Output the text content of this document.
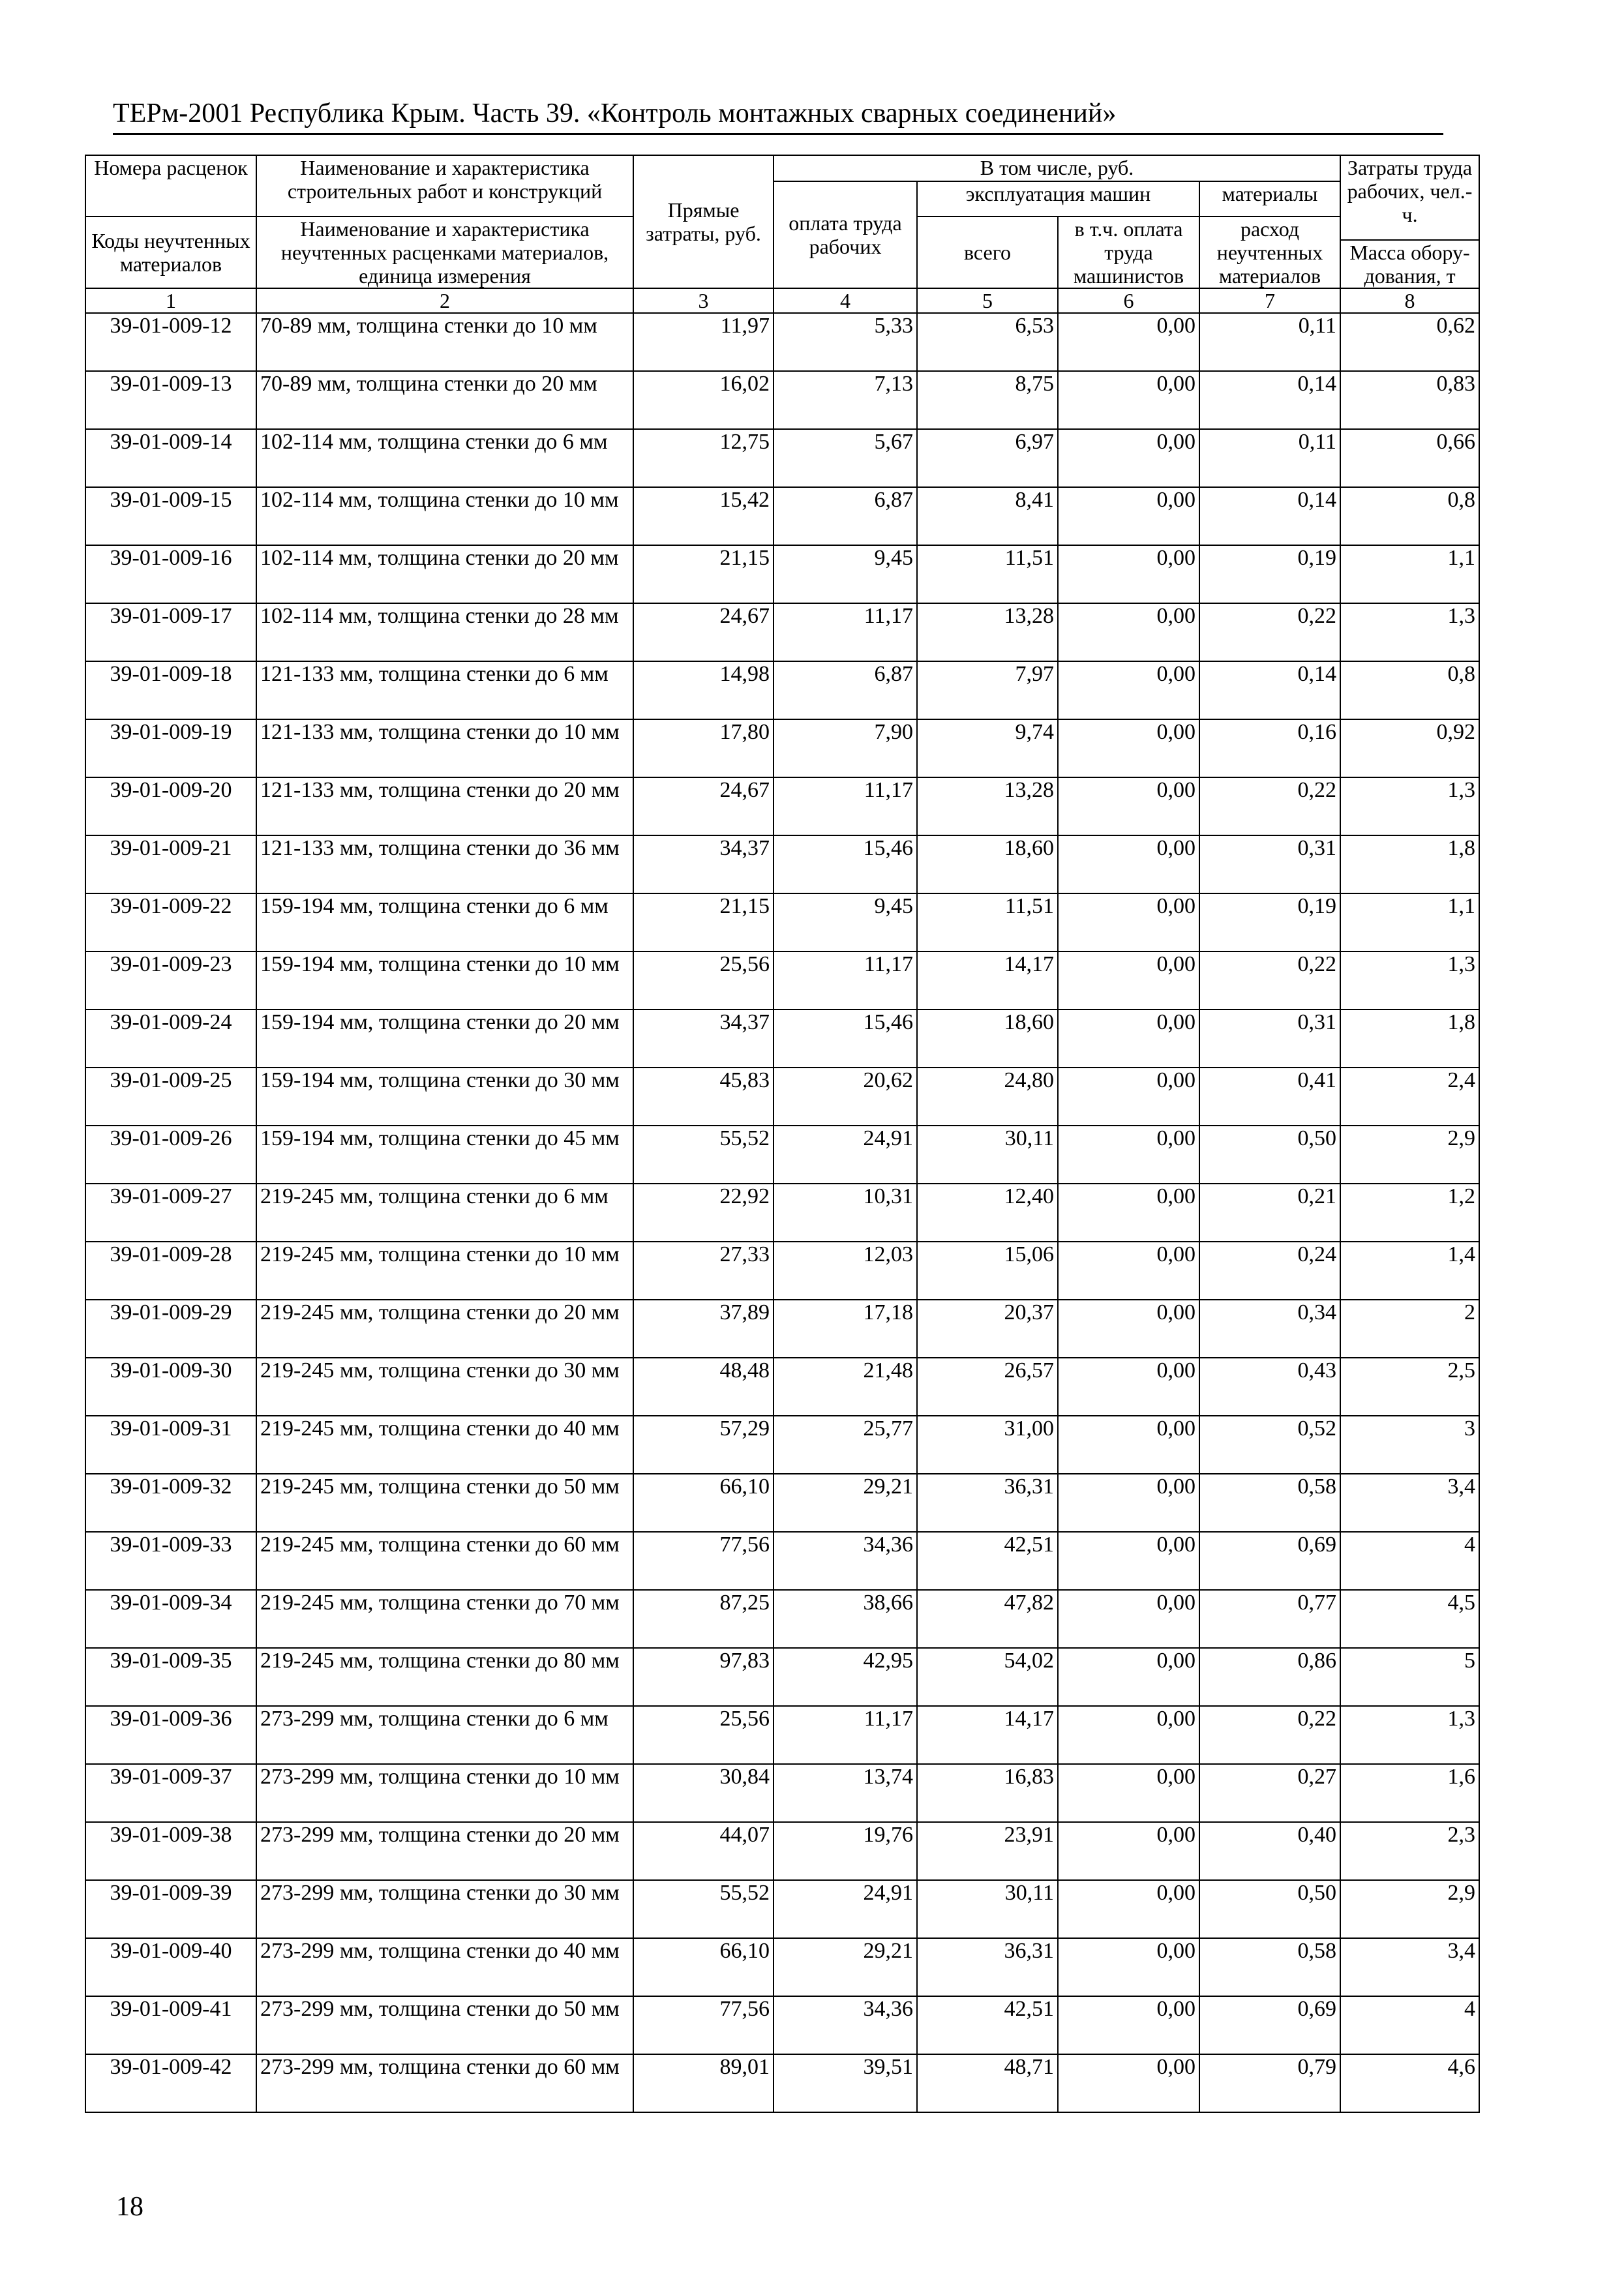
ТЕРм-2001 Республика Крым. Часть 39. «Контроль монтажных сварных соединений»
Номера расценок	Наименование и характеристика строительных работ и конструкций	Прямые затраты, руб.	В том числе, руб.				Затраты труда рабочих, чел.-ч.
			оплата труда рабочих	эксплуатация машин		материалы	
Коды неучтенных материалов	Наименование и характеристика неучтенных расценками материалов, единица измерения			всего	в т.ч. оплата труда машинистов	расход неучтенных материалов	
							Масса обору-дования, т
1	2	3	4	5	6	7	8
39-01-009-12	70-89 мм, толщина стенки до 10 мм	11,97	5,33	6,53	0,00	0,11	0,62
39-01-009-13	70-89 мм, толщина стенки до 20 мм	16,02	7,13	8,75	0,00	0,14	0,83
39-01-009-14	102-114 мм, толщина стенки до 6 мм	12,75	5,67	6,97	0,00	0,11	0,66
39-01-009-15	102-114 мм, толщина стенки до 10 мм	15,42	6,87	8,41	0,00	0,14	0,8
39-01-009-16	102-114 мм, толщина стенки до 20 мм	21,15	9,45	11,51	0,00	0,19	1,1
39-01-009-17	102-114 мм, толщина стенки до 28 мм	24,67	11,17	13,28	0,00	0,22	1,3
39-01-009-18	121-133 мм, толщина стенки до 6 мм	14,98	6,87	7,97	0,00	0,14	0,8
39-01-009-19	121-133 мм, толщина стенки до 10 мм	17,80	7,90	9,74	0,00	0,16	0,92
39-01-009-20	121-133 мм, толщина стенки до 20 мм	24,67	11,17	13,28	0,00	0,22	1,3
39-01-009-21	121-133 мм, толщина стенки до 36 мм	34,37	15,46	18,60	0,00	0,31	1,8
39-01-009-22	159-194 мм, толщина стенки до 6 мм	21,15	9,45	11,51	0,00	0,19	1,1
39-01-009-23	159-194 мм, толщина стенки до 10 мм	25,56	11,17	14,17	0,00	0,22	1,3
39-01-009-24	159-194 мм, толщина стенки до 20 мм	34,37	15,46	18,60	0,00	0,31	1,8
39-01-009-25	159-194 мм, толщина стенки до 30 мм	45,83	20,62	24,80	0,00	0,41	2,4
39-01-009-26	159-194 мм, толщина стенки до 45 мм	55,52	24,91	30,11	0,00	0,50	2,9
39-01-009-27	219-245 мм, толщина стенки до 6 мм	22,92	10,31	12,40	0,00	0,21	1,2
39-01-009-28	219-245 мм, толщина стенки до 10 мм	27,33	12,03	15,06	0,00	0,24	1,4
39-01-009-29	219-245 мм, толщина стенки до 20 мм	37,89	17,18	20,37	0,00	0,34	2
39-01-009-30	219-245 мм, толщина стенки до 30 мм	48,48	21,48	26,57	0,00	0,43	2,5
39-01-009-31	219-245 мм, толщина стенки до 40 мм	57,29	25,77	31,00	0,00	0,52	3
39-01-009-32	219-245 мм, толщина стенки до 50 мм	66,10	29,21	36,31	0,00	0,58	3,4
39-01-009-33	219-245 мм, толщина стенки до 60 мм	77,56	34,36	42,51	0,00	0,69	4
39-01-009-34	219-245 мм, толщина стенки до 70 мм	87,25	38,66	47,82	0,00	0,77	4,5
39-01-009-35	219-245 мм, толщина стенки до 80 мм	97,83	42,95	54,02	0,00	0,86	5
39-01-009-36	273-299 мм, толщина стенки до 6 мм	25,56	11,17	14,17	0,00	0,22	1,3
39-01-009-37	273-299 мм, толщина стенки до 10 мм	30,84	13,74	16,83	0,00	0,27	1,6
39-01-009-38	273-299 мм, толщина стенки до 20 мм	44,07	19,76	23,91	0,00	0,40	2,3
39-01-009-39	273-299 мм, толщина стенки до 30 мм	55,52	24,91	30,11	0,00	0,50	2,9
39-01-009-40	273-299 мм, толщина стенки до 40 мм	66,10	29,21	36,31	0,00	0,58	3,4
39-01-009-41	273-299 мм, толщина стенки до 50 мм	77,56	34,36	42,51	0,00	0,69	4
39-01-009-42	273-299 мм, толщина стенки до 60 мм	89,01	39,51	48,71	0,00	0,79	4,6
18
